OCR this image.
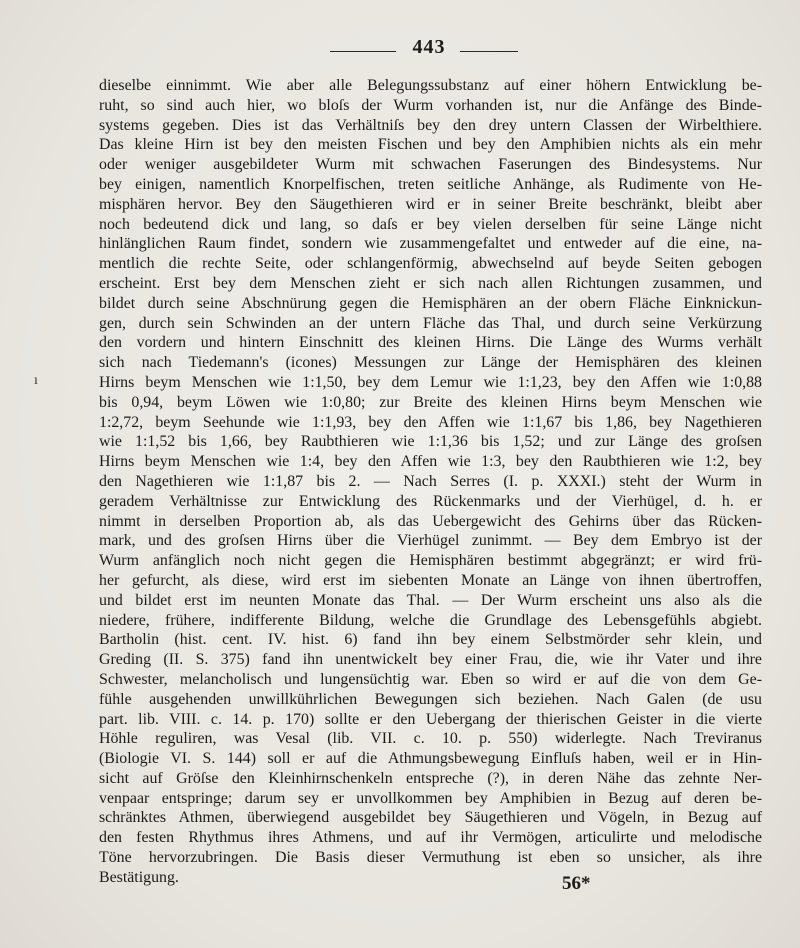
443
ı
dieselbe einnimmt. Wie aber alle Belegungssubstanz auf einer höhern Entwicklung be-
ruht, so sind auch hier, wo bloſs der Wurm vorhanden ist, nur die Anfänge des Binde-
systems gegeben. Dies ist das Verhältniſs bey den drey untern Classen der Wirbelthiere.
Das kleine Hirn ist bey den meisten Fischen und bey den Amphibien nichts als ein mehr
oder weniger ausgebildeter Wurm mit schwachen Faserungen des Bindesystems. Nur
bey einigen, namentlich Knorpelfischen, treten seitliche Anhänge, als Rudimente von He-
misphären hervor. Bey den Säugethieren wird er in seiner Breite beschränkt, bleibt aber
noch bedeutend dick und lang, so daſs er bey vielen derselben für seine Länge nicht
hinlänglichen Raum findet, sondern wie zusammengefaltet und entweder auf die eine, na-
mentlich die rechte Seite, oder schlangenförmig, abwechselnd auf beyde Seiten gebogen
erscheint. Erst bey dem Menschen zieht er sich nach allen Richtungen zusammen, und
bildet durch seine Abschnürung gegen die Hemisphären an der obern Fläche Einknickun-
gen, durch sein Schwinden an der untern Fläche das Thal, und durch seine Verkürzung
den vordern und hintern Einschnitt des kleinen Hirns. Die Länge des Wurms verhält
sich nach Tiedemann's (icones) Messungen zur Länge der Hemisphären des kleinen
Hirns beym Menschen wie 1:1,50, bey dem Lemur wie 1:1,23, bey den Affen wie 1:0,88
bis 0,94, beym Löwen wie 1:0,80; zur Breite des kleinen Hirns beym Menschen wie
1:2,72, beym Seehunde wie 1:1,93, bey den Affen wie 1:1,67 bis 1,86, bey Nagethieren
wie 1:1,52 bis 1,66, bey Raubthieren wie 1:1,36 bis 1,52; und zur Länge des groſsen
Hirns beym Menschen wie 1:4, bey den Affen wie 1:3, bey den Raubthieren wie 1:2, bey
den Nagethieren wie 1:1,87 bis 2. — Nach Serres (I. p. XXXI.) steht der Wurm in
geradem Verhältnisse zur Entwicklung des Rückenmarks und der Vierhügel, d. h. er
nimmt in derselben Proportion ab, als das Uebergewicht des Gehirns über das Rücken-
mark, und des groſsen Hirns über die Vierhügel zunimmt. — Bey dem Embryo ist der
Wurm anfänglich noch nicht gegen die Hemisphären bestimmt abgegränzt; er wird frü-
her gefurcht, als diese, wird erst im siebenten Monate an Länge von ihnen übertroffen,
und bildet erst im neunten Monate das Thal. — Der Wurm erscheint uns also als die
niedere, frühere, indifferente Bildung, welche die Grundlage des Lebensgefühls abgiebt.
Bartholin (hist. cent. IV. hist. 6) fand ihn bey einem Selbstmörder sehr klein, und
Greding (II. S. 375) fand ihn unentwickelt bey einer Frau, die, wie ihr Vater und ihre
Schwester, melancholisch und lungensüchtig war. Eben so wird er auf die von dem Ge-
fühle ausgehenden unwillkührlichen Bewegungen sich beziehen. Nach Galen (de usu
part. lib. VIII. c. 14. p. 170) sollte er den Uebergang der thierischen Geister in die vierte
Höhle reguliren, was Vesal (lib. VII. c. 10. p. 550) widerlegte. Nach Treviranus
(Biologie VI. S. 144) soll er auf die Athmungsbewegung Einfluſs haben, weil er in Hin-
sicht auf Gröſse den Kleinhirnschenkeln entspreche (?), in deren Nähe das zehnte Ner-
venpaar entspringe; darum sey er unvollkommen bey Amphibien in Bezug auf deren be-
schränktes Athmen, überwiegend ausgebildet bey Säugethieren und Vögeln, in Bezug auf
den festen Rhythmus ihres Athmens, und auf ihr Vermögen, articulirte und melodische
Töne hervorzubringen. Die Basis dieser Vermuthung ist eben so unsicher, als ihre
Bestätigung.	56*
